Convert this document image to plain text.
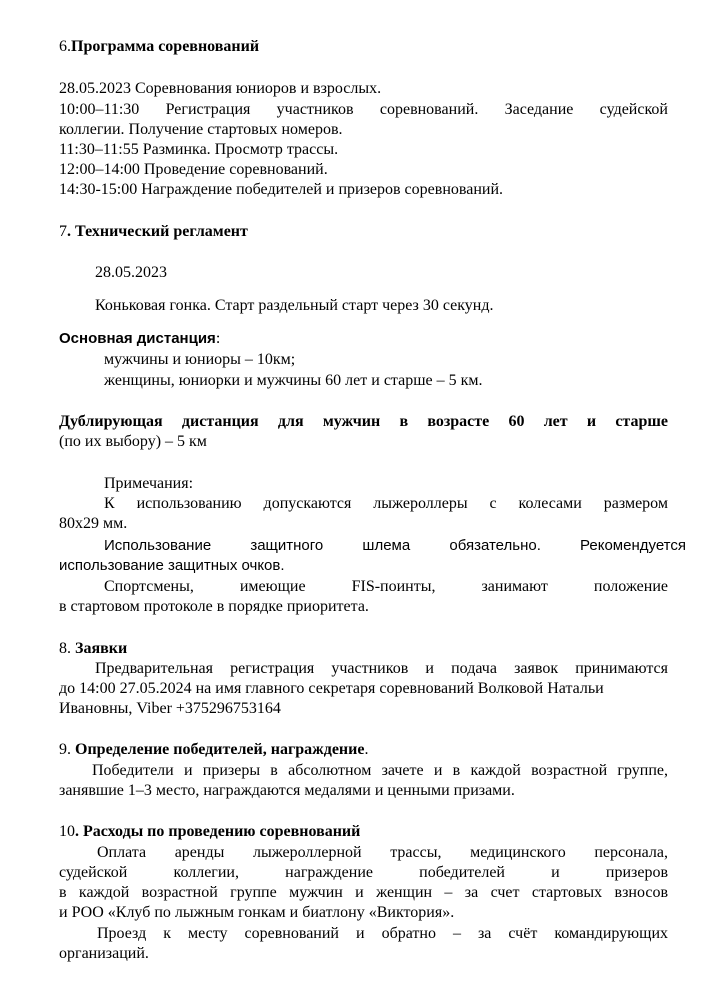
6.Программа соревнований

28.05.2023 Соревнования юниоров и взрослых.

10:00–11:30 Регистрация участников соревнований. Заседание судейской

коллегии. Получение стартовых номеров.

11:30–11:55 Разминка. Просмотр трассы.

12:00–14:00 Проведение соревнований.

14:30-15:00 Награждение победителей и призеров соревнований.

7. Технический регламент

28.05.2023

Коньковая гонка. Старт раздельный старт через 30 секунд.

Основная дистанция:

мужчины и юниоры – 10км;

женщины, юниорки и мужчины 60 лет и старше – 5 км.

Дублирующая дистанция для мужчин в возрасте 60 лет и старше

(по их выбору) – 5 км

Примечания:

К использованию допускаются лыжероллеры с колесами размером

80х29 мм.

Использование защитного шлема обязательно. Рекомендуется

использование защитных очков.

Спортсмены, имеющие FIS-поинты, занимают положение

в стартовом протоколе в порядке приоритета.

8. Заявки

Предварительная регистрация участников и подача заявок принимаются

до 14:00 27.05.2024 на имя главного секретаря соревнований Волковой Натальи

Ивановны, Viber +375296753164

9. Определение победителей, награждение.

Победители и призеры в абсолютном зачете и в каждой возрастной группе,

занявшие 1–3 место, награждаются медалями и ценными призами.

10. Расходы по проведению соревнований

Оплата аренды лыжероллерной трассы, медицинского персонала,

судейской коллегии, награждение победителей и призеров

в каждой возрастной группе мужчин и женщин – за счет стартовых взносов

и РОО «Клуб по лыжным гонкам и биатлону «Виктория».

Проезд к месту соревнований и обратно – за счёт командирующих

организаций.
